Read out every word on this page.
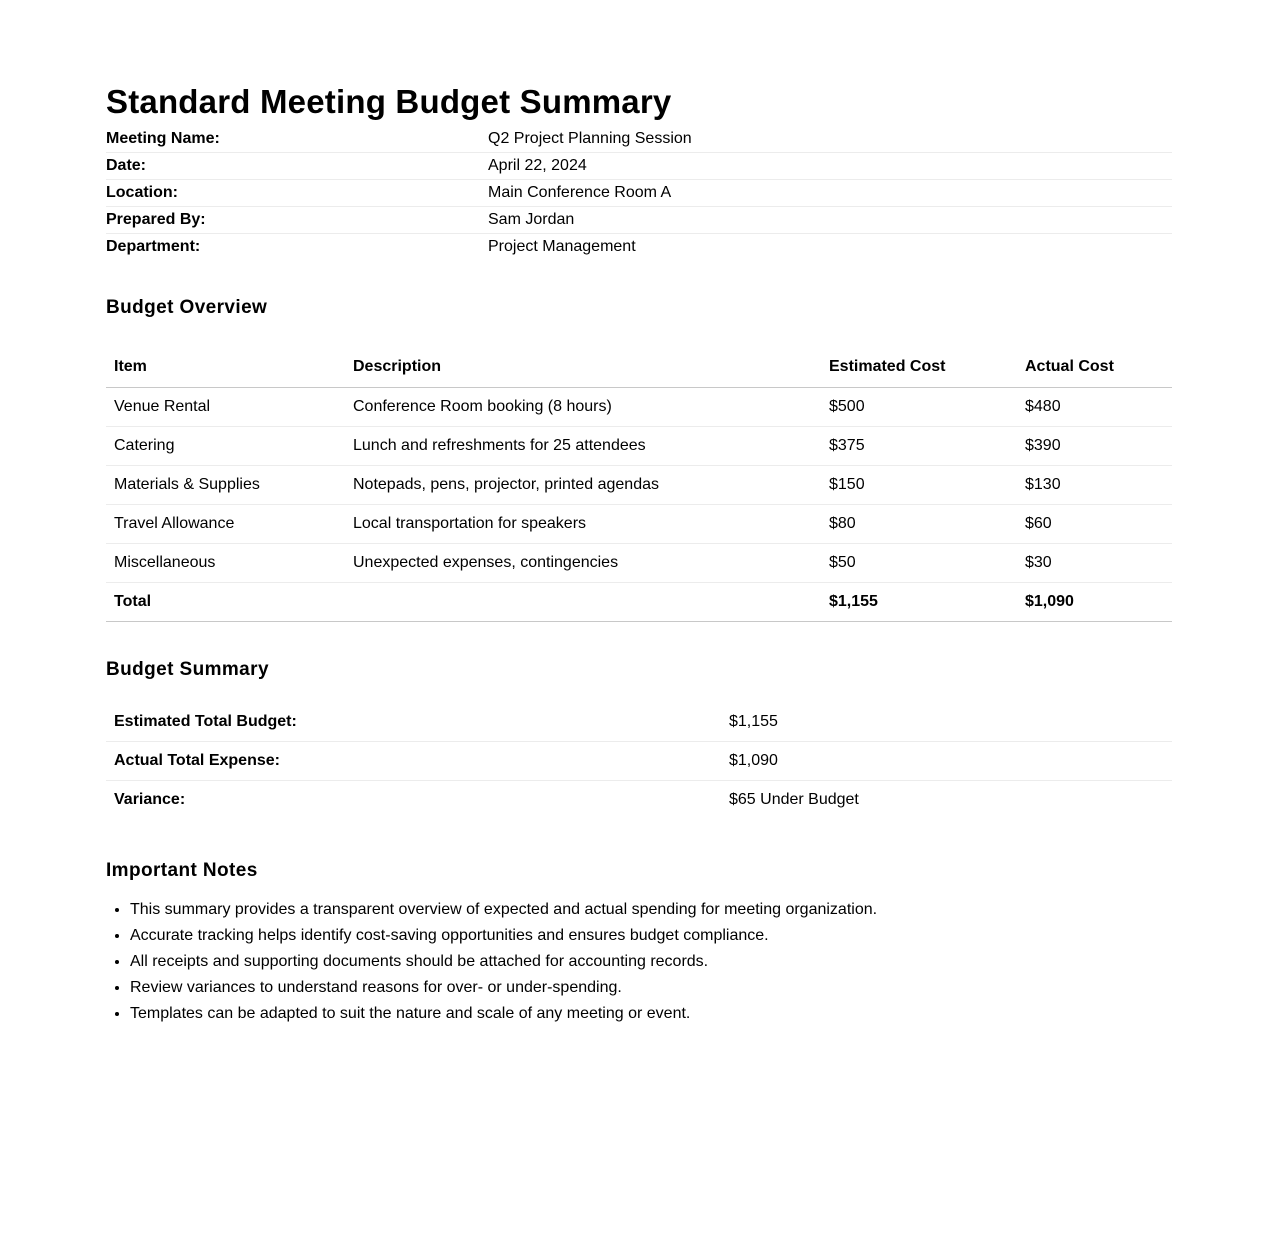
Standard Meeting Budget Summary
Meeting Name:	Q2 Project Planning Session
Date:	April 22, 2024
Location:	Main Conference Room A
Prepared By:	Sam Jordan
Department:	Project Management
Budget Overview
Item	Description	Estimated Cost	Actual Cost
Venue Rental	Conference Room booking (8 hours)	$500	$480
Catering	Lunch and refreshments for 25 attendees	$375	$390
Materials & Supplies	Notepads, pens, projector, printed agendas	$150	$130
Travel Allowance	Local transportation for speakers	$80	$60
Miscellaneous	Unexpected expenses, contingencies	$50	$30
Total		$1,155	$1,090
Budget Summary
Estimated Total Budget:	$1,155
Actual Total Expense:	$1,090
Variance:	$65 Under Budget
Important Notes
• This summary provides a transparent overview of expected and actual spending for meeting organization.
• Accurate tracking helps identify cost-saving opportunities and ensures budget compliance.
• All receipts and supporting documents should be attached for accounting records.
• Review variances to understand reasons for over- or under-spending.
• Templates can be adapted to suit the nature and scale of any meeting or event.
